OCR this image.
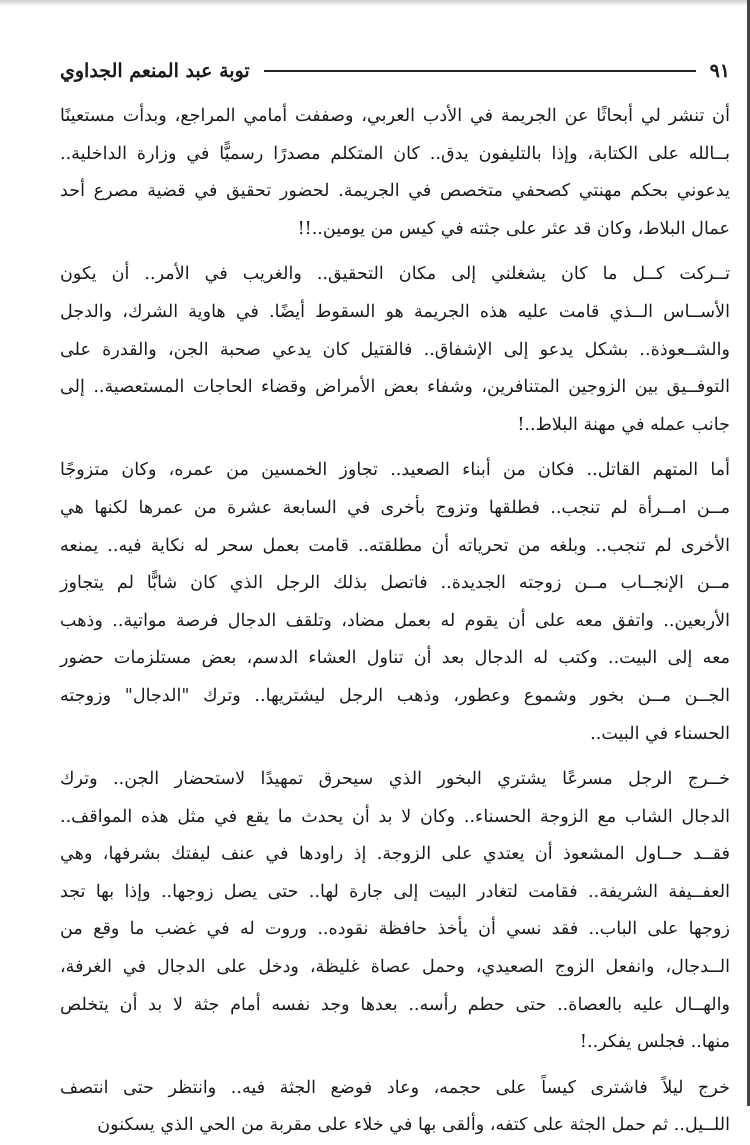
٩١
توبة عبد المنعم الجداوي

أن تنشر لي أبحاثًا عن الجريمة في الأدب العربي، وصففت أمامي المراجع، وبدأت مستعينًا
بــالله على الكتابة، وإذا بالتليفون يدق.. كان المتكلم مصدرًا رسميًّا في وزارة الداخلية..
يدعوني بحكم مهنتي كصحفي متخصص في الجريمة. لحضور تحقيق في قضية مصرع أحد
عمال البلاط، وكان قد عثر على جثته في كيس من يومين..!!

تــركت كــل ما كان يشغلني إلى مكان التحقيق.. والغريب في الأمر.. أن يكون
الأســاس الــذي قامت عليه هذه الجريمة هو السقوط أيضًا. في هاوية الشرك، والدجل
والشــعوذة.. بشكل يدعو إلى الإشفاق.. فالقتيل كان يدعي صحبة الجن، والقدرة على
التوفــيق بين الزوجين المتنافرين، وشفاء بعض الأمراض وقضاء الحاجات المستعصية.. إلى
جانب عمله في مهنة البلاط..!

أما المتهم القاتل.. فكان من أبناء الصعيد.. تجاوز الخمسين من عمره، وكان متزوجًا
مــن امــرأة لم تنجب.. فطلقها وتزوج بأخرى في السابعة عشرة من عمرها لكنها هي
الأخرى لم تنجب.. وبلغه من تحرياته أن مطلقته.. قامت بعمل سحر له نكاية فيه.. يمنعه
مــن الإنجــاب مــن زوجته الجديدة.. فاتصل بذلك الرجل الذي كان شابًّا لم يتجاوز
الأربعين.. واتفق معه على أن يقوم له بعمل مضاد، وتلقف الدجال فرصة مواتية.. وذهب
معه إلى البيت.. وكتب له الدجال بعد أن تناول العشاء الدسم، بعض مستلزمات حضور
الجــن مــن بخور وشموع وعطور، وذهب الرجل ليشتريها.. وترك "الدجال" وزوجته
الحسناء في البيت..

خــرج الرجل مسرعًا يشتري البخور الذي سيحرق تمهيدًا لاستحضار الجن.. وترك
الدجال الشاب مع الزوجة الحسناء.. وكان لا بد أن يحدث ما يقع في مثل هذه المواقف..
فقــد حــاول المشعوذ أن يعتدي على الزوجة. إذ راودها في عنف ليفتك بشرفها، وهي
العفــيفة الشريفة.. فقامت لتغادر البيت إلى جارة لها.. حتى يصل زوجها.. وإذا بها تجد
زوجها على الباب.. فقد نسي أن يأخذ حافظة نقوده.. وروت له في غضب ما وقع من
الــدجال، وانفعل الزوج الصعيدي، وحمل عصاة غليظة، ودخل على الدجال في الغرفة،
والهــال عليه بالعصاة.. حتى حطم رأسه.. بعدها وجد نفسه أمام جثة لا بد أن يتخلص
منها.. فجلس يفكر..!

خرج ليلاً فاشترى كيساً على حجمه، وعاد فوضع الجثة فيه.. وانتظر حتى انتصف
اللــيل.. ثم حمل الجثة على كتفه، وألقى بها في خلاء على مقربة من الحي الذي يسكنون
